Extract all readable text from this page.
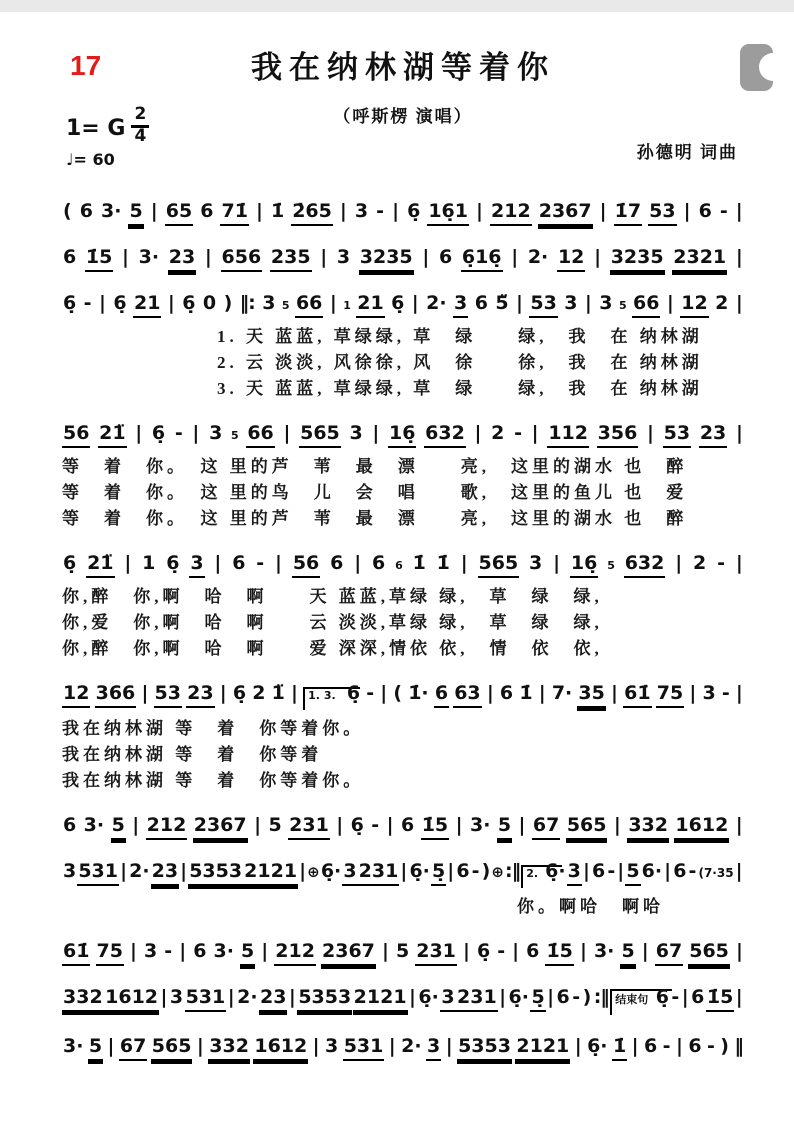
17	我在纳林湖等着你
（呼斯楞 演唱）
1= G $\frac{2}{4}$
♩= 60	孙德明 词曲
( 6 3· 5 | 65 6 71̇ | 1̇ 2̇65 | 3 - | 6̣ 16̣1 | 212 2367 | 1̇7 53 | 6 - |
6 1̇5 | 3· 23 | 656 235 | 3 3235 | 6 6̣16̣ | 2· 12 | 3235 2321 |
6̣ - | 6̣ 21 | 6̣ 0 ) ‖: 3 5 66 | 1 21 6̣ | 2· 3 6 5̈ | 53 3 | 3 5 66 | 12 2 |
1. 天 蓝蓝, 草绿绿, 草　绿　　绿,　我　在 纳林湖
2. 云 淡淡, 风徐徐, 风　徐　　徐,　我　在 纳林湖
3. 天 蓝蓝, 草绿绿, 草　绿　　绿,　我　在 纳林湖
56 21̈ | 6̣ - | 3 5 66 | 565 3 | 16̣ 632 | 2 - | 112 356 | 53 23 |
等　着　你。　这 里的芦　苇　最　漂　　亮,　这里的湖水 也　醉
等　着　你。　这 里的鸟　儿　会　唱　　歌,　这里的鱼儿 也　爱
等　着　你。　这 里的芦　苇　最　漂　　亮,　这里的湖水 也　醉
6̣ 21̈ | 1 6̣ 3 | 6 - | 56 6 | 6 6 1̇ 1̇ | 565 3 | 16̣ 5 632 | 2 - |
你,醉　你,啊　哈　啊　　天 蓝蓝,草绿 绿,　草　绿　绿,
你,爱　你,啊　哈　啊　　云 淡淡,草绿 绿,　草　绿　绿,
你,醉　你,啊　哈　啊　　爱 深深,情依 依,　情　依　依,
12 366 | 53 23 | 6̣ 2 1̈ | 1. 3. 6̣ - | ( 1̇· 6 63 | 6 1̇ | 7· 35 | 61̇ 75 | 3 - |
我在纳林湖 等　着　你等着你。
我在纳林湖 等　着　你等着
我在纳林湖 等　着　你等着你。
6 3· 5 | 212 2367 | 5 231 | 6̣ - | 6 1̇5 | 3· 5 | 67 565 | 332 1612 |
3 531 | 2· 23 | 5353 2121 | ⊕ 6̣· 3 231 | 6̣· 5̣ | 6 - ) ⊕ :‖ 2. 6̣· 3 | 6 - | 5 6· | 6 - (7·35 |
你。啊哈　啊哈
61̇ 75 | 3 - | 6 3· 5 | 212 2367 | 5 231 | 6̣ - | 6 1̇5 | 3· 5 | 67 565 |
332 1612 | 3 531 | 2· 23 | 5353 2121 | 6̣· 3 231 | 6̣· 5̣ | 6 - ) :‖ 结束句 6̣ - | 6 1̇5 |
3· 5 | 67 565 | 332 1612 | 3 531 | 2· 3 | 5353 2121 | 6̣· 1̇ | 6 - | 6 - ) ‖
